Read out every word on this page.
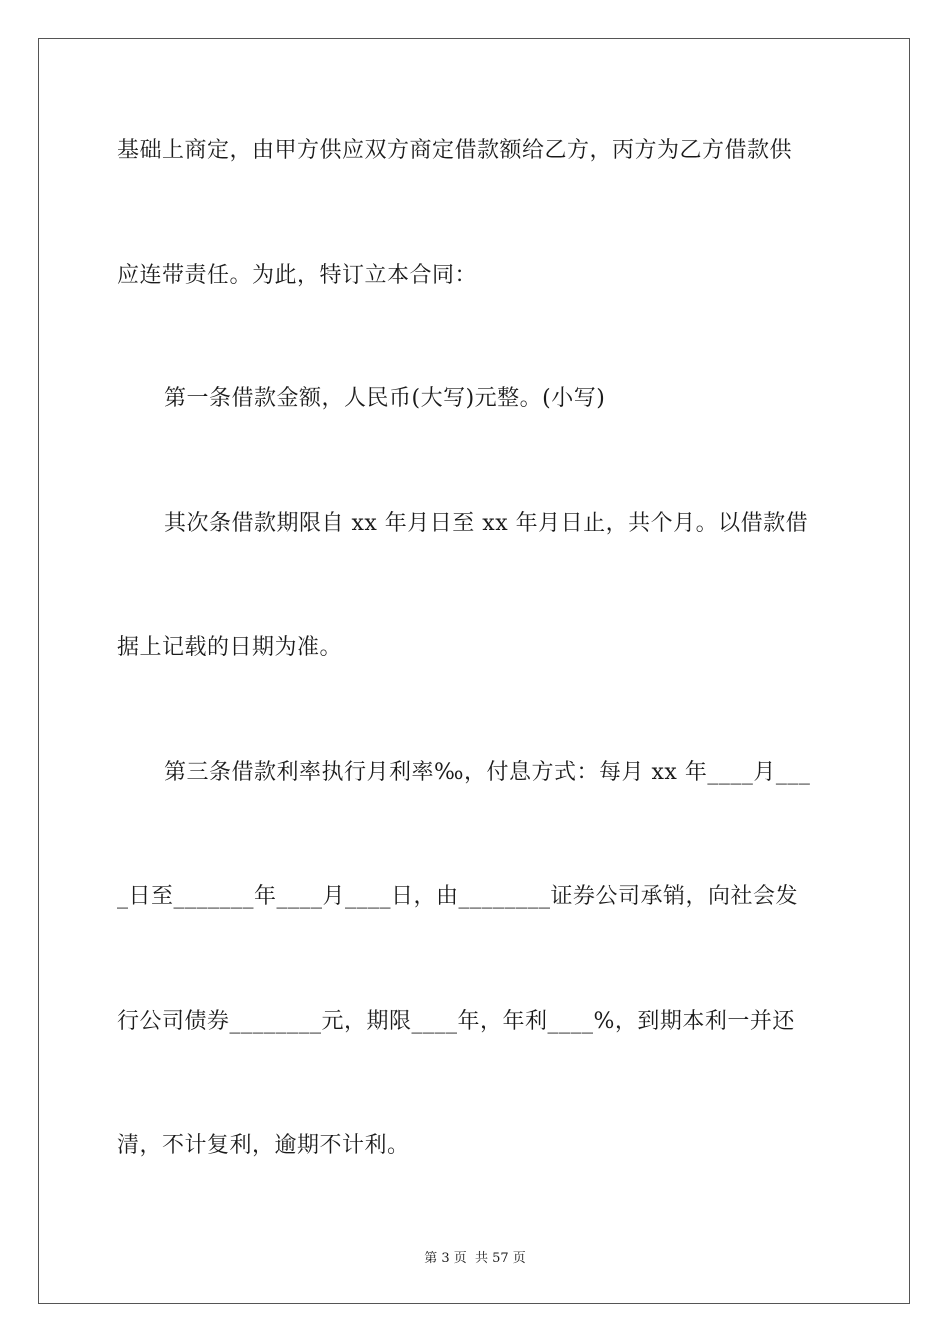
基础上商定，由甲方供应双方商定借款额给乙方，丙方为乙方借款供
应连带责任。为此，特订立本合同：
第一条借款金额，人民币(大写)元整。(小写)
其次条借款期限自 xx 年月日至 xx 年月日止，共个月。以借款借
据上记载的日期为准。
第三条借款利率执行月利率‰，付息方式：每月 xx 年____月___
_日至_______年____月____日，由________证券公司承销，向社会发
行公司债券________元，期限____年，年利____%，到期本利一并还
清，不计复利，逾期不计利。
第 3 页 共 57 页
